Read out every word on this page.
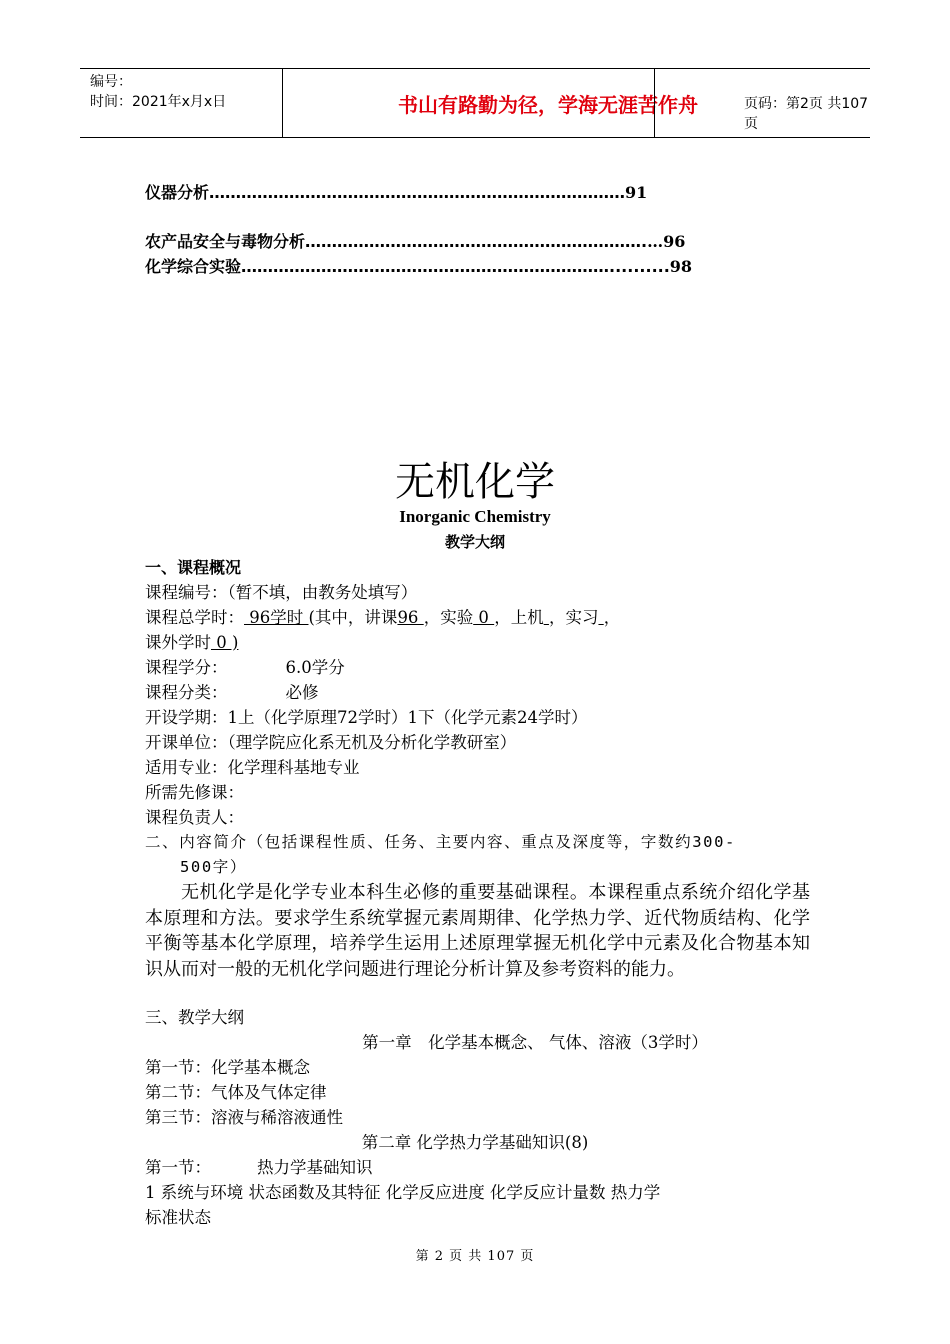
编号：
时间：2021年x月x日	书山有路勤为径，学海无涯苦作舟	页码：第2页 共107页
仪器分析……………………………………………………………………91
农产品安全与毒物分析……………………………………………………….…96
化学综合实验……………………………………………………………..........98
无机化学
Inorganic Chemistry
教学大纲
一、课程概况
课程编号：（暂不填，由教务处填写）
课程总学时： 96学时 (其中，讲课96 ，实验 0 ，上机 ，实习 ，
课外学时 0 )
课程学分：	6.0学分
课程分类：	必修
开设学期：1上（化学原理72学时）1下（化学元素24学时）
开课单位：（理学院应化系无机及分析化学教研室）
适用专业：化学理科基地专业
所需先修课：
课程负责人：
二、内容简介（包括课程性质、任务、主要内容、重点及深度等，字数约300-
500字）
无机化学是化学专业本科生必修的重要基础课程。本课程重点系统介绍化学基本原理和方法。要求学生系统掌握元素周期律、化学热力学、近代物质结构、化学平衡等基本化学原理，培养学生运用上述原理掌握无机化学中元素及化合物基本知识从而对一般的无机化学问题进行理论分析计算及参考资料的能力。
三、教学大纲
第一章　化学基本概念、 气体、溶液（3学时）
第一节：化学基本概念
第二节：气体及气体定律
第三节：溶液与稀溶液通性
第二章 化学热力学基础知识(8)
第一节：	热力学基础知识
1 系统与环境 状态函数及其特征 化学反应进度 化学反应计量数 热力学
标准状态
第 2 页 共 107 页
